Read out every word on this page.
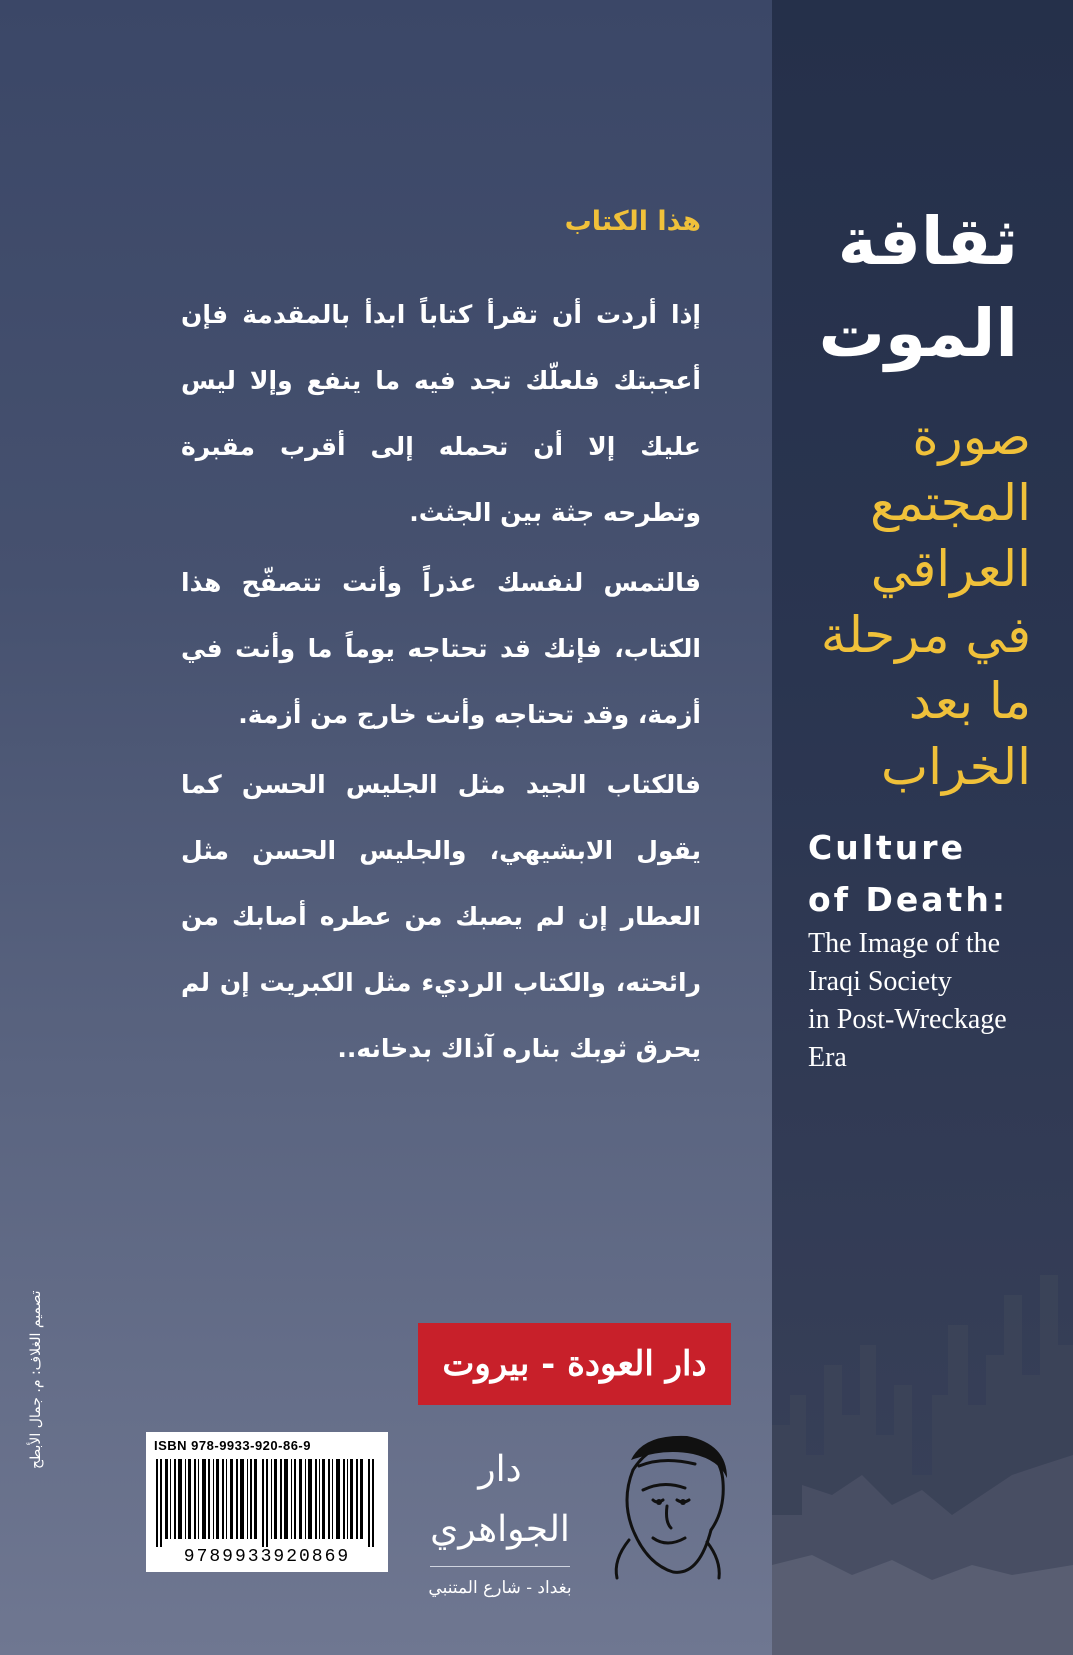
ثقافة
الموت
صورة
المجتمع
العراقي
في مرحلة
ما بعد
الخراب
Culture
of Death:
The Image of the
Iraqi Society
in Post-Wreckage
Era
هذا الكتاب

إذا أردت أن تقرأ كتاباً ابدأ بالمقدمة فإن أعجبتك فلعلّك تجد فيه ما ينفع وإلا ليس عليك إلا أن تحمله إلى أقرب مقبرة وتطرحه جثة بين الجثث.

فالتمس لنفسك عذراً وأنت تتصفّح هذا الكتاب، فإنك قد تحتاجه يوماً ما وأنت في أزمة، وقد تحتاجه وأنت خارج من أزمة.

فالكتاب الجيد مثل الجليس الحسن كما يقول الابشيهي، والجليس الحسن مثل العطار إن لم يصبك من عطره أصابك من رائحته، والكتاب الرديء مثل الكبريت إن لم يحرق ثوبك بناره آذاك بدخانه..

دار العودة - بيروت
ISBN 978-9933-920-86-9
9789933920869
دار الجواهري
بغداد - شارع المتنبي
تصميم الغلاف: م. جمال الأبطح
